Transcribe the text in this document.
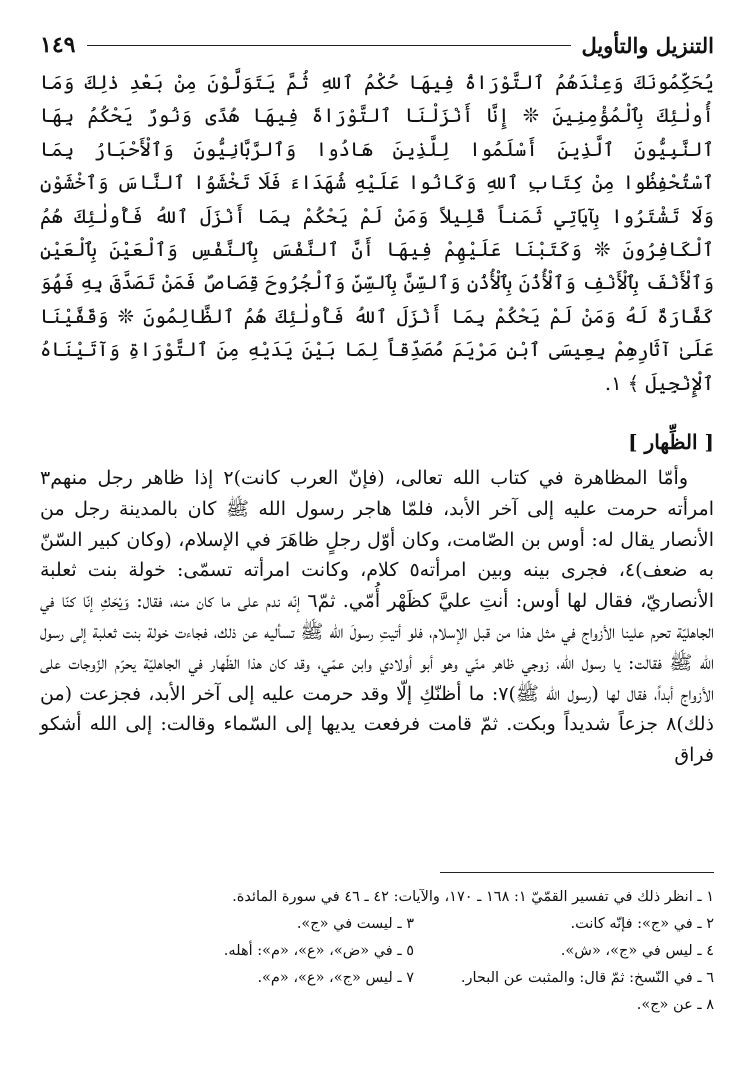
التنزيل والتأويل
١٤٩

يُحَكِّمُونَكَ وَعِنْدَهُمُ ٱلتَّوْرَاةُ فِيهَا حُكْمُ ٱللهِ ثُمَّ يَتَوَلَّوْنَ مِنْ بَعْدِ ذٰلِكَ وَمَا أُولٰئِكَ بِٱلْمُؤْمِنِينَ ❊ إِنَّا أَنْزَلْنَا ٱلتَّوْرَاةَ فِيهَا هُدًى وَنُورٌ يَحْكُمُ بِهَا ٱلنَّبِيُّونَ ٱلَّذِينَ أَسْلَمُوا لِلَّذِينَ هَادُوا وَٱلرَّبَّانِيُّونَ وَٱلْأَحْبَارُ بِمَا ٱسْتُحْفِظُوا مِنْ كِتَابِ ٱللهِ وَكَانُوا عَلَيْهِ شُهَدَاءَ فَلَا تَخْشَوُا ٱلنَّاسَ وَٱخْشَوْنِ وَلَا تَشْتَرُوا بِآيَاتِي ثَمَناً قَلِيلاً وَمَنْ لَمْ يَحْكُمْ بِمَا أَنْزَلَ ٱللهُ فَأُولٰئِكَ هُمُ ٱلْكَافِرُونَ ❊ وَكَتَبْنَا عَلَيْهِمْ فِيهَا أَنَّ ٱلنَّفْسَ بِٱلنَّفْسِ وَٱلْعَيْنَ بِٱلْعَيْنِ وَٱلْأَنْفَ بِٱلْأَنْفِ وَٱلْأُذُنَ بِٱلْأُذُنِ وَٱلسِّنَّ بِٱلسِّنِّ وَٱلْجُرُوحَ قِصَاصٌ فَمَنْ تَصَدَّقَ بِهِ فَهُوَ كَفَّارَةٌ لَهُ وَمَنْ لَمْ يَحْكُمْ بِمَا أَنْزَلَ ٱللهُ فَأُولٰئِكَ هُمُ ٱلظَّالِمُونَ ❊ وَقَفَّيْنَا عَلَىٰ آثَارِهِمْ بِعِيسَى ٱبْنِ مَرْيَمَ مُصَدِّقاً لِمَا بَيْنَ يَدَيْهِ مِنَ ٱلتَّوْرَاةِ وَآتَيْنَاهُ ٱلْإِنْجِيلَ ﴾ ١.

[ الظِّهار ]

وأمّا المظاهرة في كتاب الله تعالى، (فإنّ العرب كانت)٢ إذا ظاهر رجل منهم٣ امرأته حرمت عليه إلى آخر الأبد، فلمّا هاجر رسول الله ﷺ كان بالمدينة رجل من الأنصار يقال له: أوس بن الصّامت، وكان أوّل رجلٍ ظاهَرَ في الإسلام، (وكان كبير السّنّ به ضعف)٤، فجرى بينه وبين امرأته٥ كلام، وكانت امرأته تسمّى: خولة بنت ثعلبة الأنصاريّ، فقال لها أوس: أنتِ عليَّ كظَهْر أُمّي. ثمّ٦ إنّه ندم على ما كان منه، فقال: وَيْحَكِ إنّا كنّا في الجاهليّة تحرم علينا الأزواج في مثل هذا من قبل الإسلام، فلو أتيتِ رسولَ الله ﷺ تسأليه عن ذلك، فجاءت خولة بنت ثعلبة إلى رسول الله ﷺ فقالت: يا رسول الله، زوجي ظاهر منّي وهو أبو أولادي وابن عمّي، وقد كان هذا الظّهار في الجاهليّة يحرّم الزّوجات على الأزواج أبداً، فقال لها (رسول الله ﷺ)٧: ما أظنّكِ إلّا وقد حرمت عليه إلى آخر الأبد، فجزعت (من ذلك)٨ جزعاً شديداً وبكت. ثمّ قامت فرفعت يديها إلى السّماء وقالت: إلى الله أشكو فراق

١ ـ انظر ذلك في تفسير القمّيّ ١: ١٦٨ ـ ١٧٠، والآيات: ٤٢ ـ ٤٦ في سورة المائدة.
٢ ـ في «ج»: فإنّه كانت.
٣ ـ ليست في «ج».
٤ ـ ليس في «ج»، «ش».
٥ ـ في «ض»، «ع»، «م»: أهله.
٦ ـ في النّسخ: ثمّ قال: والمثبت عن البحار.
٧ ـ ليس «ج»، «ع»، «م».
٨ ـ عن «ج».
